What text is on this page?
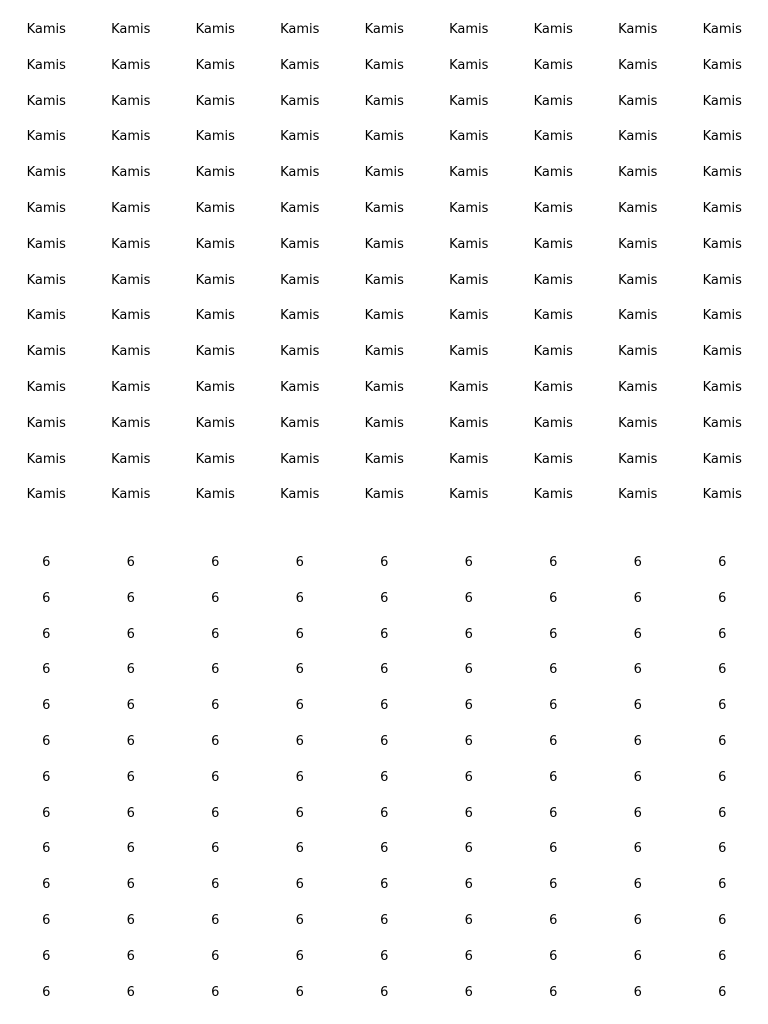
Kamis	Kamis	Kamis	Kamis	Kamis	Kamis	Kamis	Kamis	Kamis
Kamis	Kamis	Kamis	Kamis	Kamis	Kamis	Kamis	Kamis	Kamis
Kamis	Kamis	Kamis	Kamis	Kamis	Kamis	Kamis	Kamis	Kamis
Kamis	Kamis	Kamis	Kamis	Kamis	Kamis	Kamis	Kamis	Kamis
Kamis	Kamis	Kamis	Kamis	Kamis	Kamis	Kamis	Kamis	Kamis
Kamis	Kamis	Kamis	Kamis	Kamis	Kamis	Kamis	Kamis	Kamis
Kamis	Kamis	Kamis	Kamis	Kamis	Kamis	Kamis	Kamis	Kamis
Kamis	Kamis	Kamis	Kamis	Kamis	Kamis	Kamis	Kamis	Kamis
Kamis	Kamis	Kamis	Kamis	Kamis	Kamis	Kamis	Kamis	Kamis
Kamis	Kamis	Kamis	Kamis	Kamis	Kamis	Kamis	Kamis	Kamis
Kamis	Kamis	Kamis	Kamis	Kamis	Kamis	Kamis	Kamis	Kamis
Kamis	Kamis	Kamis	Kamis	Kamis	Kamis	Kamis	Kamis	Kamis
Kamis	Kamis	Kamis	Kamis	Kamis	Kamis	Kamis	Kamis	Kamis
Kamis	Kamis	Kamis	Kamis	Kamis	Kamis	Kamis	Kamis	Kamis
6	6	6	6	6	6	6	6	6
6	6	6	6	6	6	6	6	6
6	6	6	6	6	6	6	6	6
6	6	6	6	6	6	6	6	6
6	6	6	6	6	6	6	6	6
6	6	6	6	6	6	6	6	6
6	6	6	6	6	6	6	6	6
6	6	6	6	6	6	6	6	6
6	6	6	6	6	6	6	6	6
6	6	6	6	6	6	6	6	6
6	6	6	6	6	6	6	6	6
6	6	6	6	6	6	6	6	6
6	6	6	6	6	6	6	6	6
